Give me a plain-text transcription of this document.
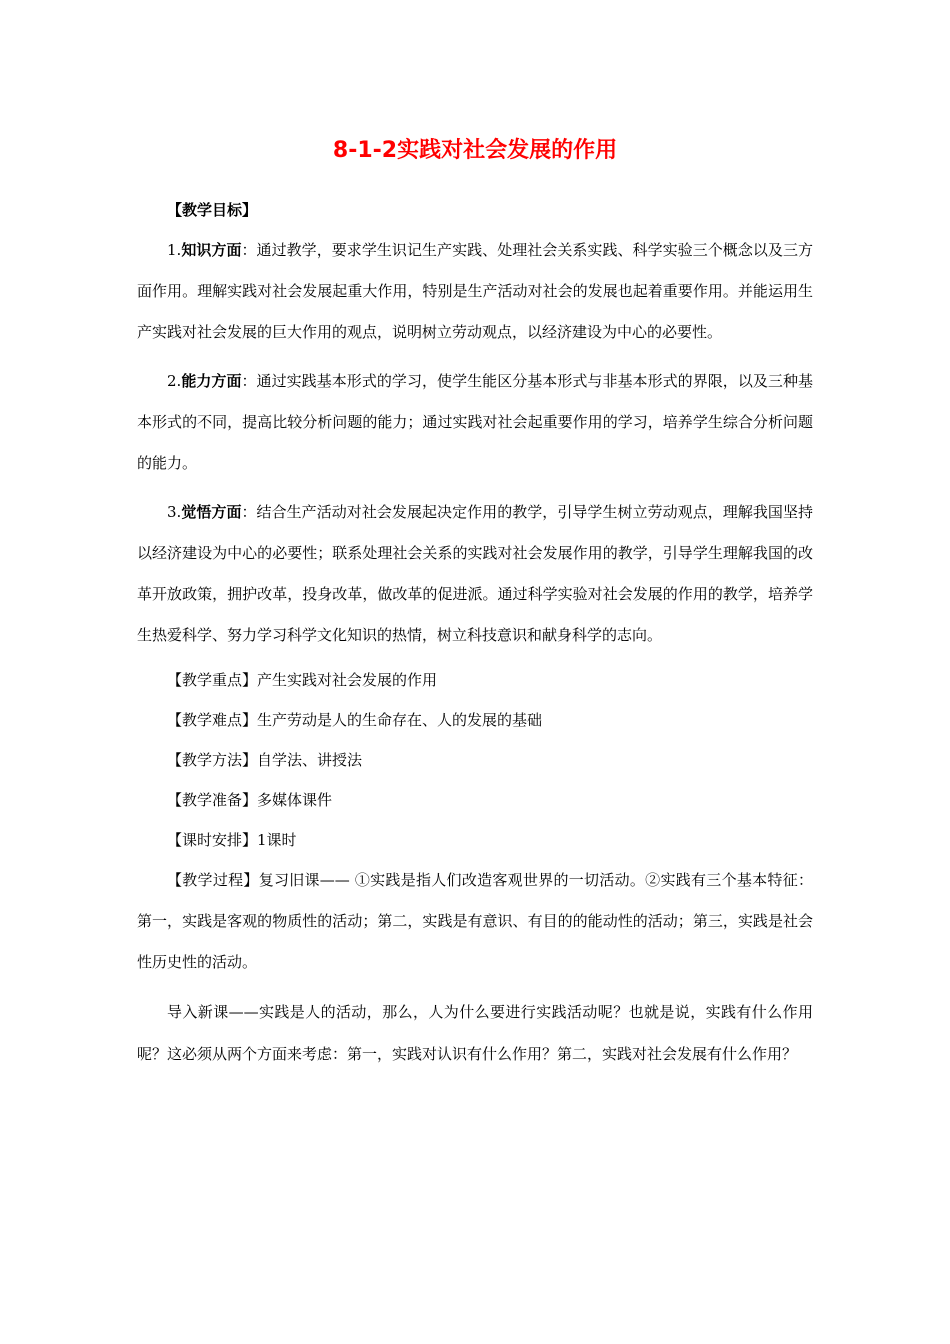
8-1-2实践对社会发展的作用

【教学目标】

1.知识方面：通过教学，要求学生识记生产实践、处理社会关系实践、科学实验三个概念以及三方面作用。理解实践对社会发展起重大作用，特别是生产活动对社会的发展也起着重要作用。并能运用生产实践对社会发展的巨大作用的观点，说明树立劳动观点，以经济建设为中心的必要性。

2.能力方面：通过实践基本形式的学习，使学生能区分基本形式与非基本形式的界限，以及三种基本形式的不同，提高比较分析问题的能力；通过实践对社会起重要作用的学习，培养学生综合分析问题的能力。

3.觉悟方面：结合生产活动对社会发展起决定作用的教学，引导学生树立劳动观点，理解我国坚持以经济建设为中心的必要性；联系处理社会关系的实践对社会发展作用的教学，引导学生理解我国的改革开放政策，拥护改革，投身改革，做改革的促进派。通过科学实验对社会发展的作用的教学，培养学生热爱科学、努力学习科学文化知识的热情，树立科技意识和献身科学的志向。

【教学重点】产生实践对社会发展的作用

【教学难点】生产劳动是人的生命存在、人的发展的基础

【教学方法】自学法、讲授法

【教学准备】多媒体课件

【课时安排】1课时

【教学过程】复习旧课—— ①实践是指人们改造客观世界的一切活动。②实践有三个基本特征：第一，实践是客观的物质性的活动；第二，实践是有意识、有目的的能动性的活动；第三，实践是社会性历史性的活动。

导入新课——实践是人的活动，那么，人为什么要进行实践活动呢？也就是说，实践有什么作用呢？这必须从两个方面来考虑：第一，实践对认识有什么作用？第二，实践对社会发展有什么作用？
